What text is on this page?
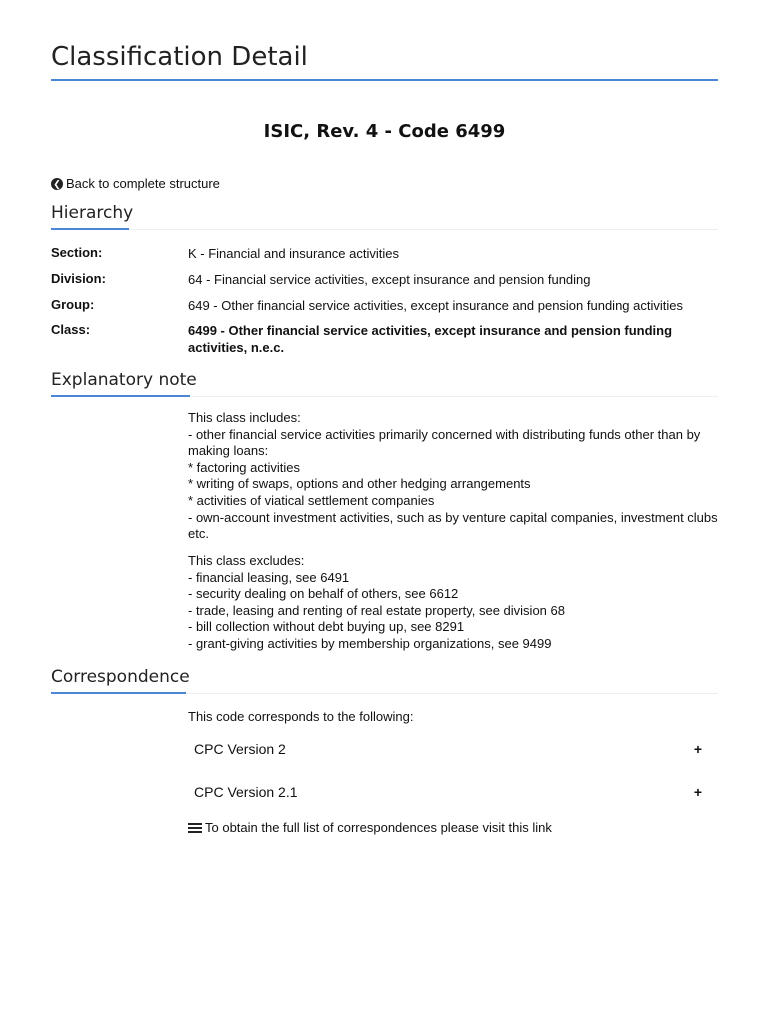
Classification Detail
ISIC, Rev. 4 - Code 6499
❮ Back to complete structure
Hierarchy
Section:	K - Financial and insurance activities
Division:	64 - Financial service activities, except insurance and pension funding
Group:	649 - Other financial service activities, except insurance and pension funding activities
Class:	6499 - Other financial service activities, except insurance and pension funding activities, n.e.c.
Explanatory note
This class includes:
- other financial service activities primarily concerned with distributing funds other than by making loans:
* factoring activities
* writing of swaps, options and other hedging arrangements
* activities of viatical settlement companies
- own-account investment activities, such as by venture capital companies, investment clubs etc.
This class excludes:
- financial leasing, see 6491
- security dealing on behalf of others, see 6612
- trade, leasing and renting of real estate property, see division 68
- bill collection without debt buying up, see 8291
- grant-giving activities by membership organizations, see 9499
Correspondence
This code corresponds to the following:
CPC Version 2	+
CPC Version 2.1	+
To obtain the full list of correspondences please visit this link
